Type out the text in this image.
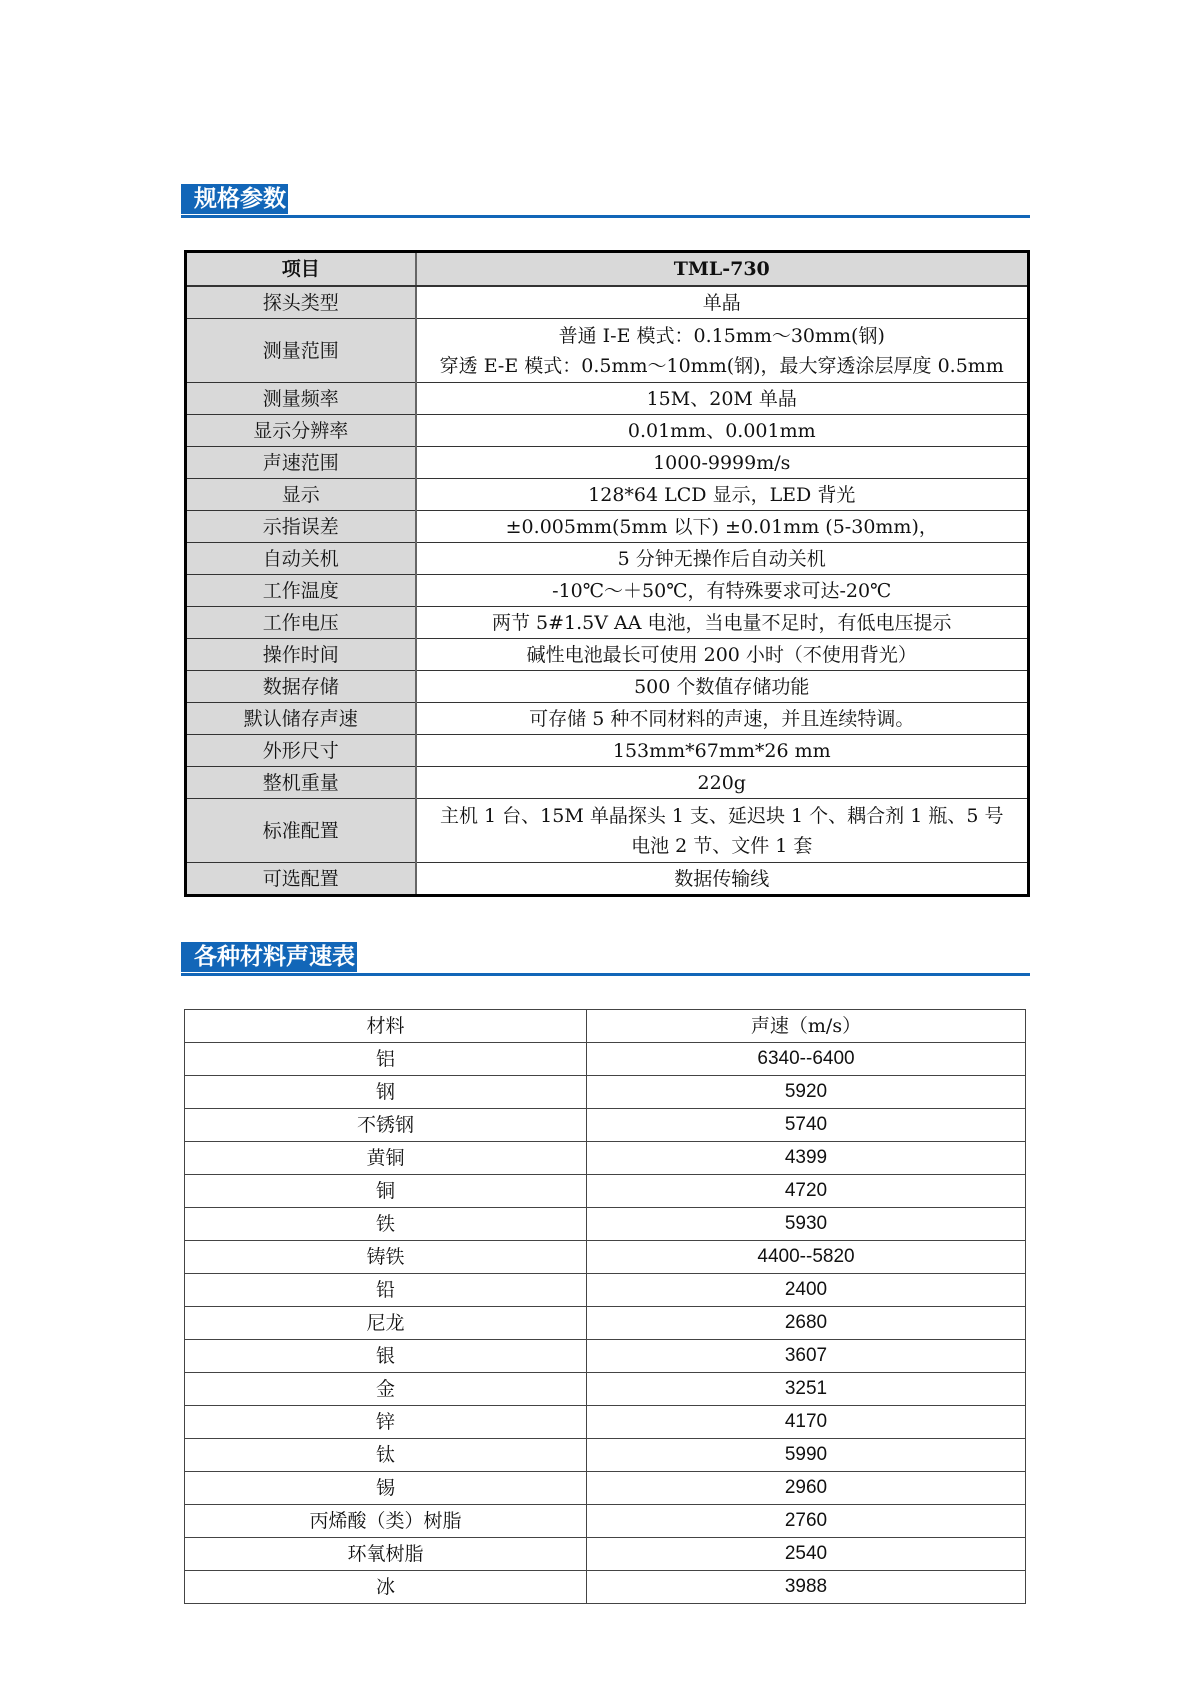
规格参数
项目	TML-730
探头类型	单晶

测量范围	普通 I-E 模式：0.15mm～30mm(钢)
穿透 E-E 模式：0.5mm～10mm(钢)，最大穿透涂层厚度 0.5mm

测量频率	15M、20M 单晶

显示分辨率	0.01mm、0.001mm

声速范围	1000-9999m/s

显示	128*64 LCD 显示，LED 背光

示指误差	±0.005mm(5mm 以下) ±0.01mm (5-30mm)，

自动关机	5 分钟无操作后自动关机

工作温度	-10℃～＋50℃，有特殊要求可达-20℃

工作电压	两节 5#1.5V AA 电池，当电量不足时，有低电压提示

操作时间	碱性电池最长可使用 200 小时（不使用背光）

数据存储	500 个数值存储功能

默认储存声速	可存储 5 种不同材料的声速，并且连续特调。

外形尺寸	153mm*67mm*26 mm

整机重量	220g

标准配置	主机 1 台、15M 单晶探头 1 支、延迟块 1 个、耦合剂 1 瓶、5 号
电池 2 节、文件 1 套

可选配置	数据传输线
各种材料声速表
材料	声速（m/s）
铝	6340--6400
钢	5920
不锈钢	5740
黄铜	4399
铜	4720
铁	5930
铸铁	4400--5820
铅	2400
尼龙	2680
银	3607
金	3251
锌	4170
钛	5990
锡	2960
丙烯酸（类）树脂	2760
环氧树脂	2540
冰	3988
